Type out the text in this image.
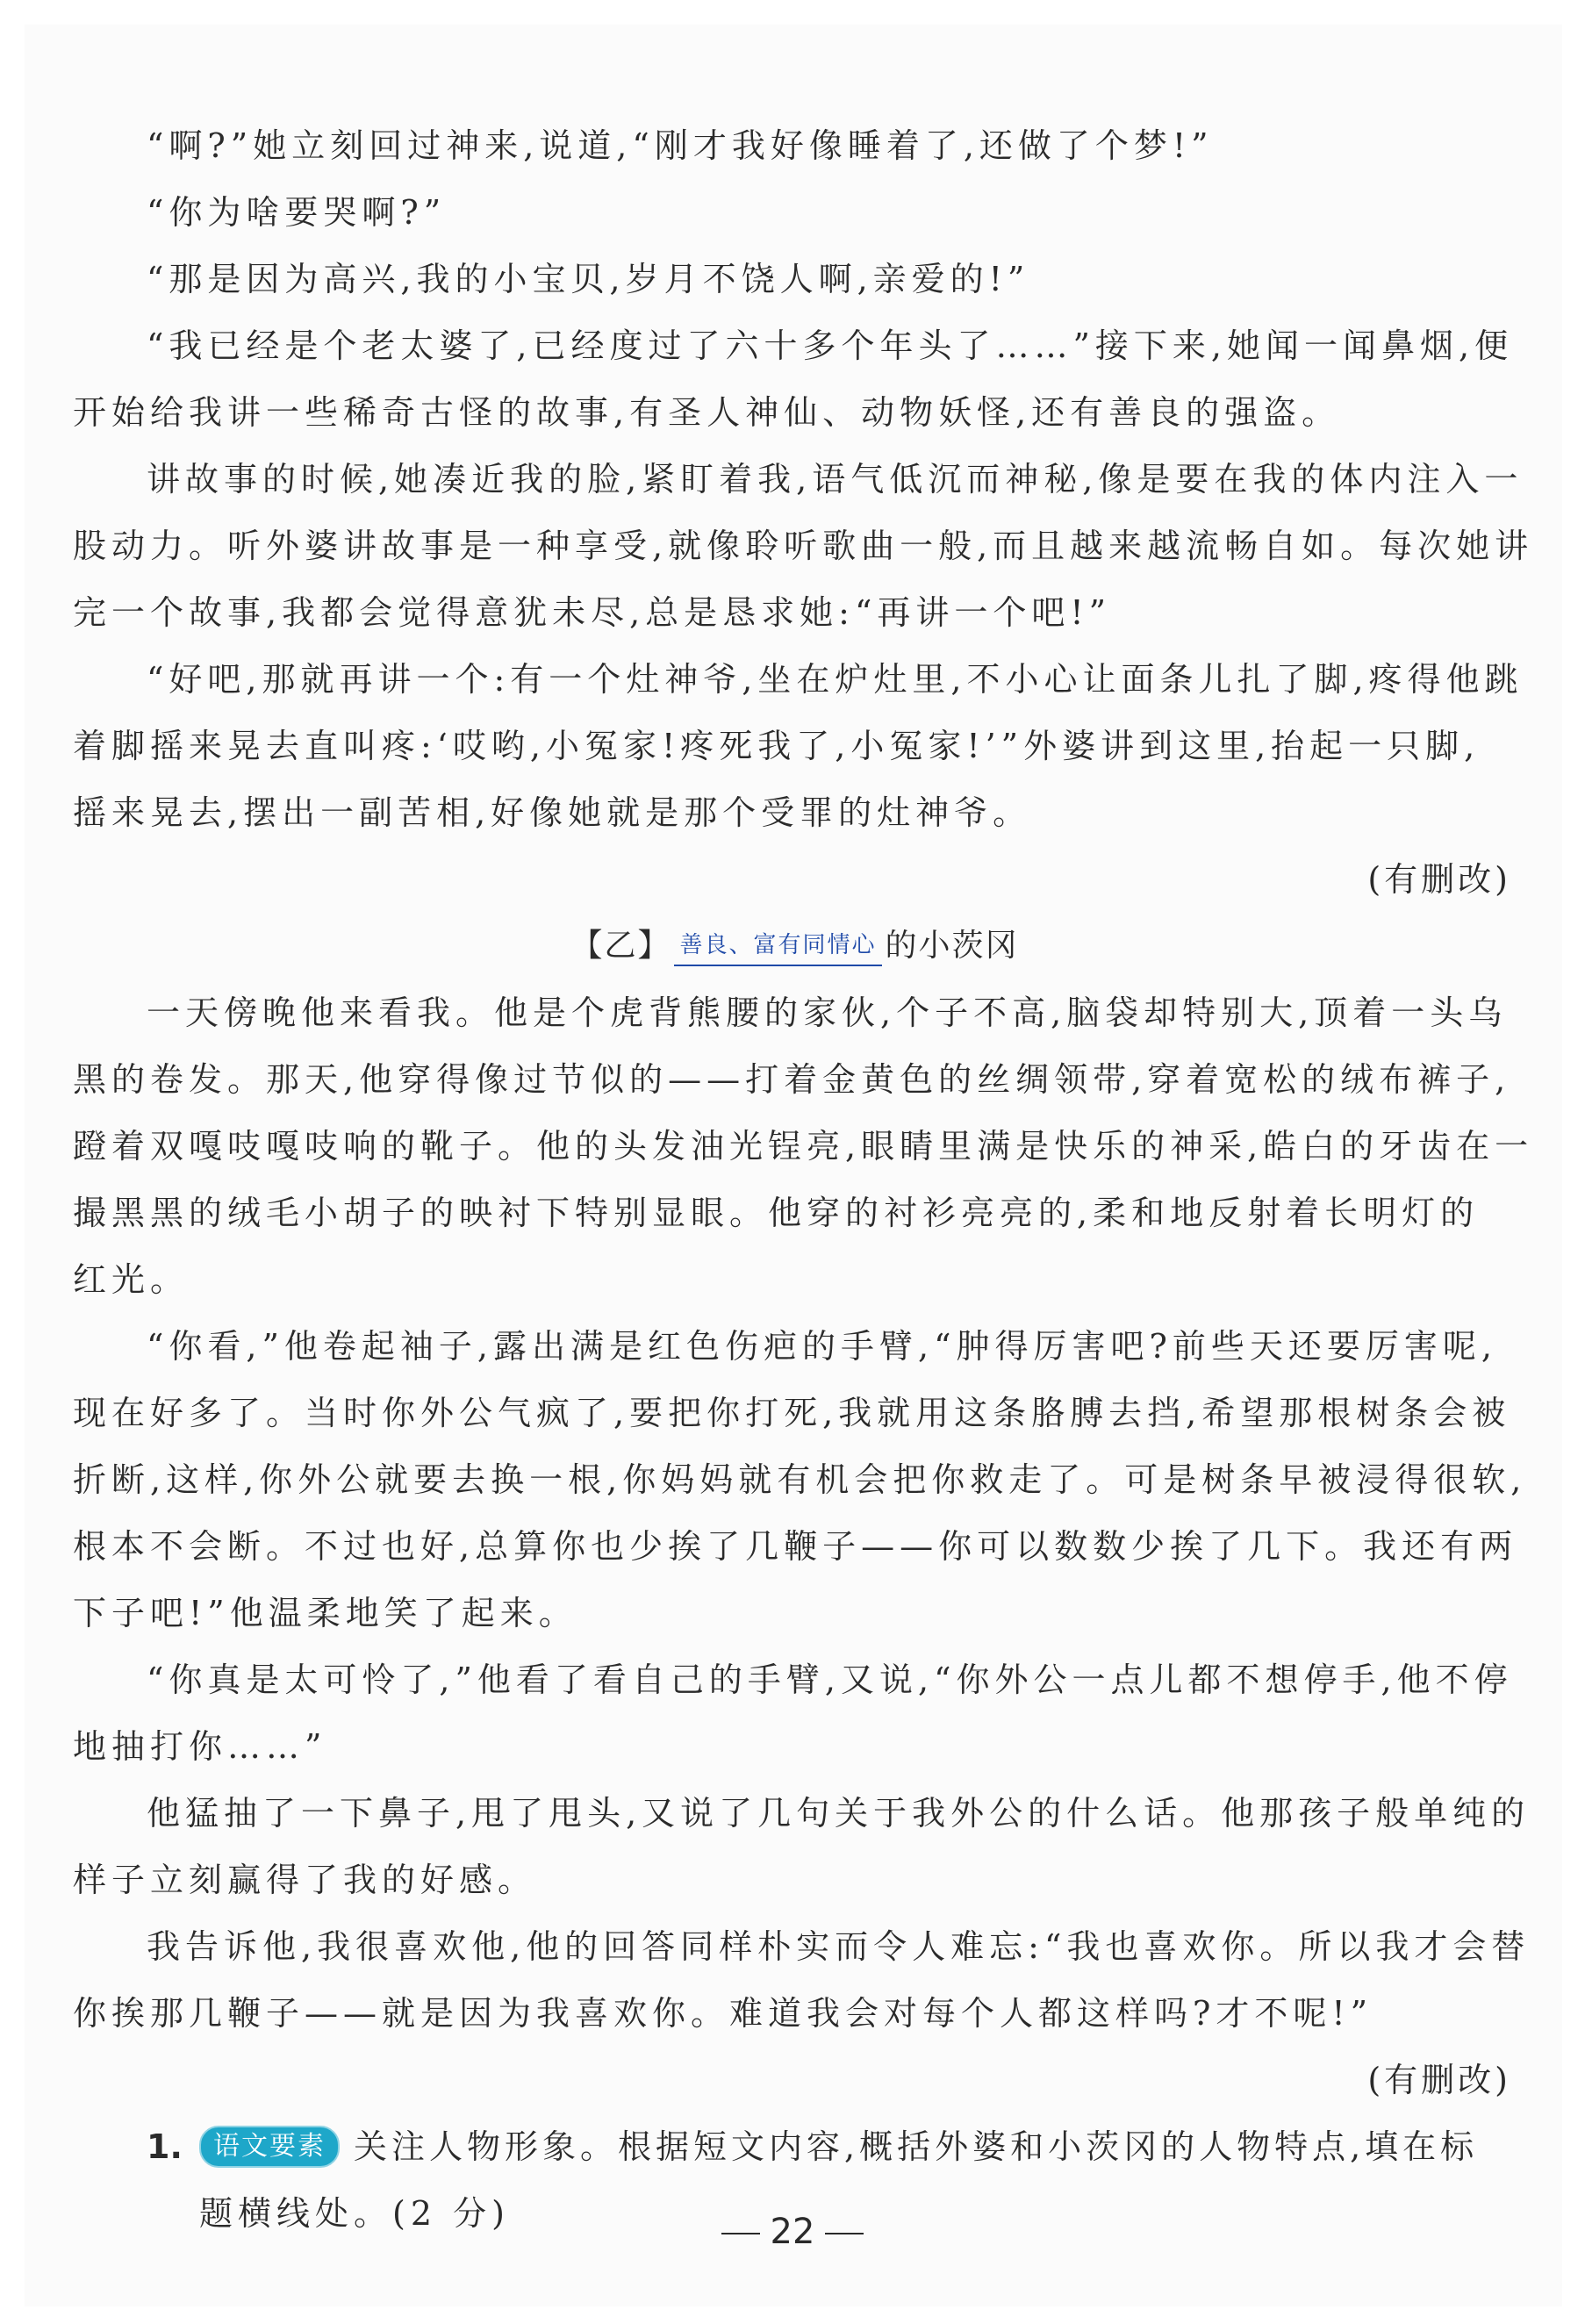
“啊?”她立刻回过神来,说道,“刚才我好像睡着了,还做了个梦!”

“你为啥要哭啊?”

“那是因为高兴,我的小宝贝,岁月不饶人啊,亲爱的!”

“我已经是个老太婆了,已经度过了六十多个年头了……”接下来,她闻一闻鼻烟,便

开始给我讲一些稀奇古怪的故事,有圣人神仙、动物妖怪,还有善良的强盗。

讲故事的时候,她凑近我的脸,紧盯着我,语气低沉而神秘,像是要在我的体内注入一

股动力。听外婆讲故事是一种享受,就像聆听歌曲一般,而且越来越流畅自如。每次她讲

完一个故事,我都会觉得意犹未尽,总是恳求她:“再讲一个吧!”

“好吧,那就再讲一个:有一个灶神爷,坐在炉灶里,不小心让面条儿扎了脚,疼得他跳

着脚摇来晃去直叫疼:‘哎哟,小冤家!疼死我了,小冤家!’”外婆讲到这里,抬起一只脚,

摇来晃去,摆出一副苦相,好像她就是那个受罪的灶神爷。

(有删改)

【乙】 善良、富有同情心 的小茨冈

一天傍晚他来看我。他是个虎背熊腰的家伙,个子不高,脑袋却特别大,顶着一头乌

黑的卷发。那天,他穿得像过节似的——打着金黄色的丝绸领带,穿着宽松的绒布裤子,

蹬着双嘎吱嘎吱响的靴子。他的头发油光锃亮,眼睛里满是快乐的神采,皓白的牙齿在一

撮黑黑的绒毛小胡子的映衬下特别显眼。他穿的衬衫亮亮的,柔和地反射着长明灯的

红光。

“你看,”他卷起袖子,露出满是红色伤疤的手臂,“肿得厉害吧?前些天还要厉害呢,

现在好多了。当时你外公气疯了,要把你打死,我就用这条胳膊去挡,希望那根树条会被

折断,这样,你外公就要去换一根,你妈妈就有机会把你救走了。可是树条早被浸得很软,

根本不会断。不过也好,总算你也少挨了几鞭子——你可以数数少挨了几下。我还有两

下子吧!”他温柔地笑了起来。

“你真是太可怜了,”他看了看自己的手臂,又说,“你外公一点儿都不想停手,他不停

地抽打你……”

他猛抽了一下鼻子,甩了甩头,又说了几句关于我外公的什么话。他那孩子般单纯的

样子立刻赢得了我的好感。

我告诉他,我很喜欢他,他的回答同样朴实而令人难忘:“我也喜欢你。所以我才会替

你挨那几鞭子——就是因为我喜欢你。难道我会对每个人都这样吗?才不呢!”

(有删改)

1.	语文要素 关注人物形象。根据短文内容,概括外婆和小茨冈的人物特点,填在标

题横线处。(2 分)	22
